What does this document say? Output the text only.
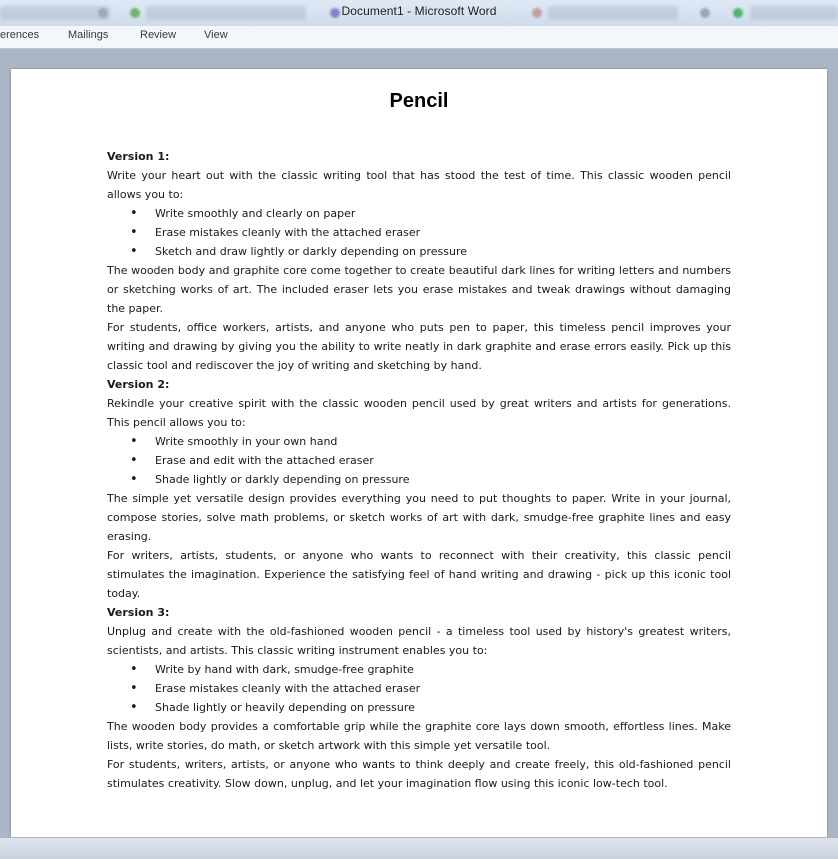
Document1 - Microsoft Word
erences	Mailings	Review	View
Pencil

Version 1:

Write your heart out with the classic writing tool that has stood the test of time. This classic wooden pencil allows you to:

• Write smoothly and clearly on paper
• Erase mistakes cleanly with the attached eraser
• Sketch and draw lightly or darkly depending on pressure

The wooden body and graphite core come together to create beautiful dark lines for writing letters and numbers or sketching works of art. The included eraser lets you erase mistakes and tweak drawings without damaging the paper.

For students, office workers, artists, and anyone who puts pen to paper, this timeless pencil improves your writing and drawing by giving you the ability to write neatly in dark graphite and erase errors easily. Pick up this classic tool and rediscover the joy of writing and sketching by hand.

Version 2:

Rekindle your creative spirit with the classic wooden pencil used by great writers and artists for generations. This pencil allows you to:

• Write smoothly in your own hand
• Erase and edit with the attached eraser
• Shade lightly or darkly depending on pressure

The simple yet versatile design provides everything you need to put thoughts to paper. Write in your journal, compose stories, solve math problems, or sketch works of art with dark, smudge-free graphite lines and easy erasing.

For writers, artists, students, or anyone who wants to reconnect with their creativity, this classic pencil stimulates the imagination. Experience the satisfying feel of hand writing and drawing - pick up this iconic tool today.

Version 3:

Unplug and create with the old-fashioned wooden pencil - a timeless tool used by history's greatest writers, scientists, and artists. This classic writing instrument enables you to:

• Write by hand with dark, smudge-free graphite
• Erase mistakes cleanly with the attached eraser
• Shade lightly or heavily depending on pressure

The wooden body provides a comfortable grip while the graphite core lays down smooth, effortless lines. Make lists, write stories, do math, or sketch artwork with this simple yet versatile tool.

For students, writers, artists, or anyone who wants to think deeply and create freely, this old-fashioned pencil stimulates creativity. Slow down, unplug, and let your imagination flow using this iconic low-tech tool.
